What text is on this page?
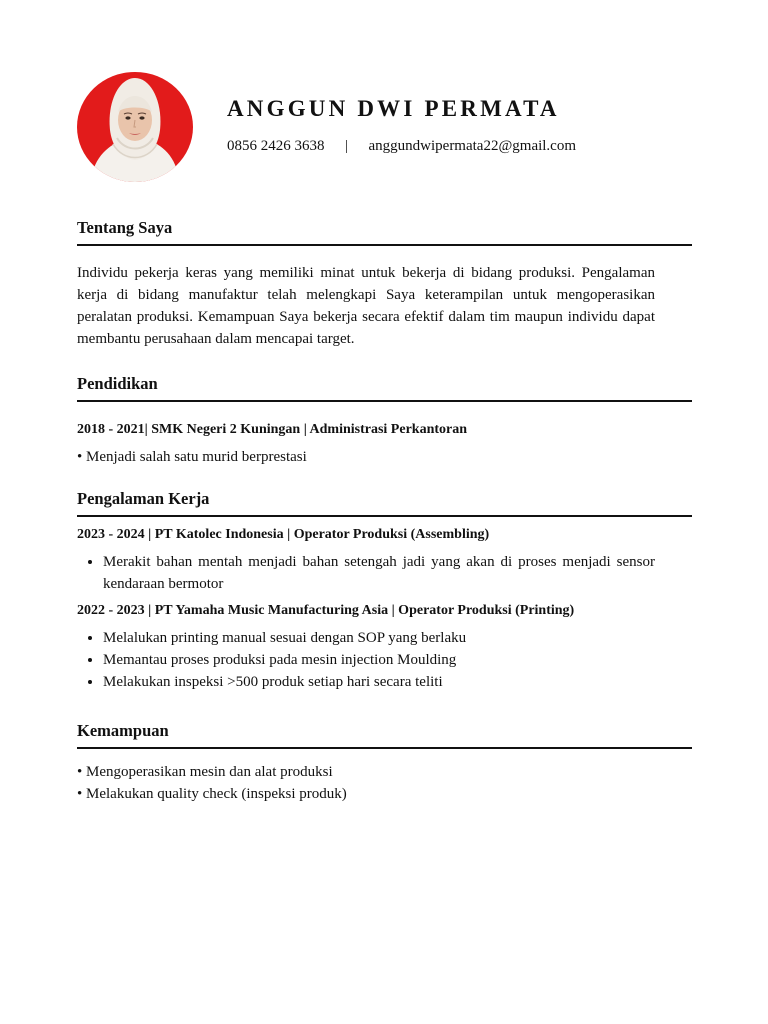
ANGGUN DWI PERMATA
0856 2426 3638 | anggundwipermata22@gmail.com
Tentang Saya
Individu pekerja keras yang memiliki minat untuk bekerja di bidang produksi. Pengalaman kerja di bidang manufaktur telah melengkapi Saya keterampilan untuk mengoperasikan peralatan produksi. Kemampuan Saya bekerja secara efektif dalam tim maupun individu dapat membantu perusahaan dalam mencapai target.
Pendidikan
2018 - 2021| SMK Negeri 2 Kuningan | Administrasi Perkantoran
• Menjadi salah satu murid berprestasi
Pengalaman Kerja
2023 - 2024 | PT Katolec Indonesia | Operator Produksi (Assembling)
• Merakit bahan mentah menjadi bahan setengah jadi yang akan di proses menjadi sensor kendaraan bermotor
2022 - 2023 | PT Yamaha Music Manufacturing Asia | Operator Produksi (Printing)
• Melalukan printing manual sesuai dengan SOP yang berlaku
• Memantau proses produksi pada mesin injection Moulding
• Melakukan inspeksi >500 produk setiap hari secara teliti
Kemampuan
• Mengoperasikan mesin dan alat produksi
• Melakukan quality check (inspeksi produk)
